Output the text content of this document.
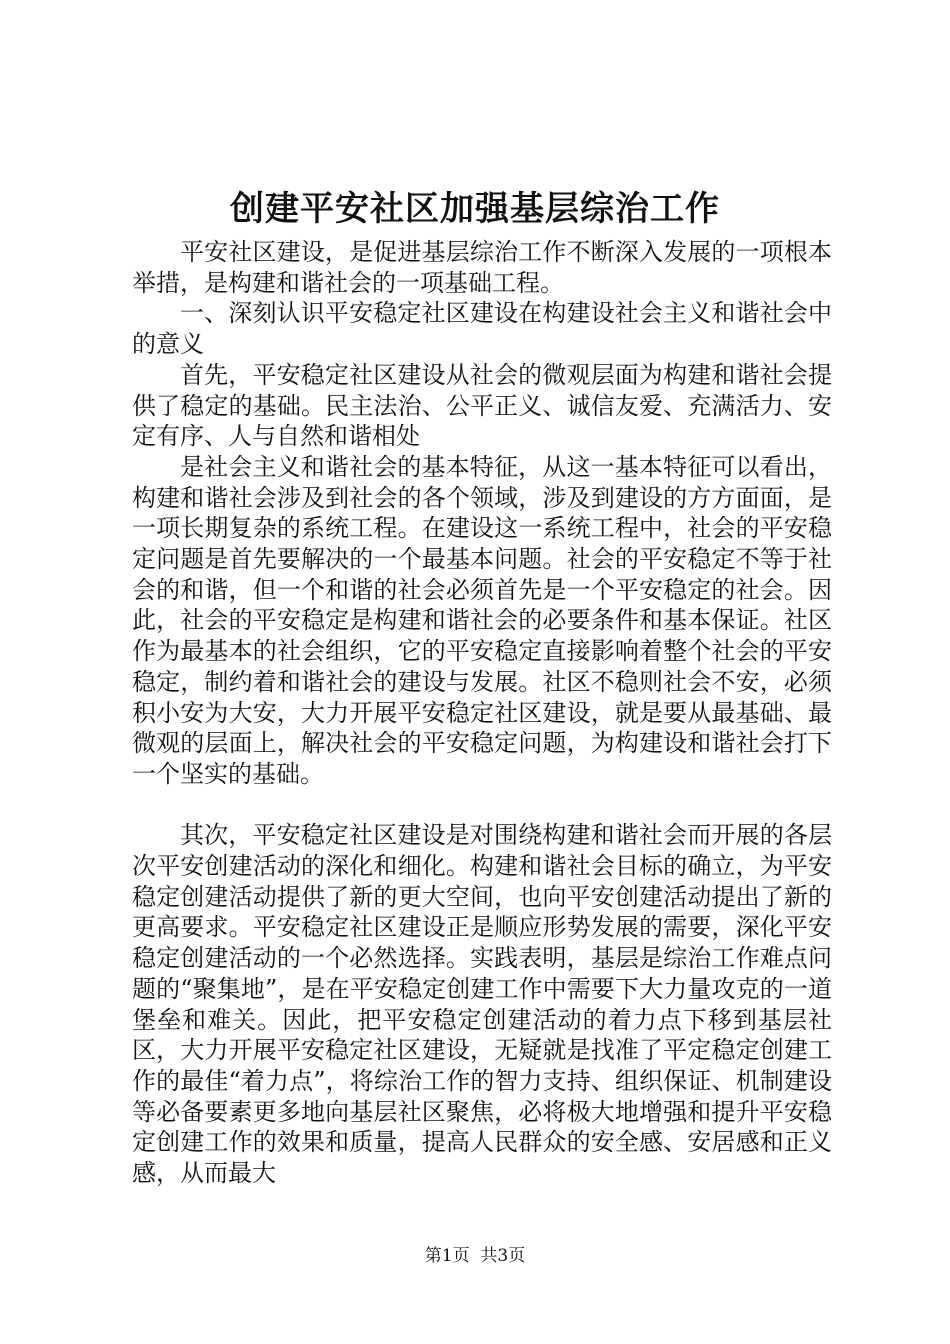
创建平安社区加强基层综治工作

平安社区建设，是促进基层综治工作不断深入发展的一项根本举措，是构建和谐社会的一项基础工程。

一、深刻认识平安稳定社区建设在构建设社会主义和谐社会中的意义

首先，平安稳定社区建设从社会的微观层面为构建和谐社会提供了稳定的基础。民主法治、公平正义、诚信友爱、充满活力、安定有序、人与自然和谐相处

是社会主义和谐社会的基本特征，从这一基本特征可以看出，构建和谐社会涉及到社会的各个领域，涉及到建设的方方面面，是一项长期复杂的系统工程。在建设这一系统工程中，社会的平安稳定问题是首先要解决的一个最基本问题。社会的平安稳定不等于社会的和谐，但一个和谐的社会必须首先是一个平安稳定的社会。因此，社会的平安稳定是构建和谐社会的必要条件和基本保证。社区作为最基本的社会组织，它的平安稳定直接影响着整个社会的平安稳定，制约着和谐社会的建设与发展。社区不稳则社会不安，必须积小安为大安，大力开展平安稳定社区建设，就是要从最基础、最微观的层面上，解决社会的平安稳定问题，为构建设和谐社会打下一个坚实的基础。

其次，平安稳定社区建设是对围绕构建和谐社会而开展的各层次平安创建活动的深化和细化。构建和谐社会目标的确立，为平安稳定创建活动提供了新的更大空间，也向平安创建活动提出了新的更高要求。平安稳定社区建设正是顺应形势发展的需要，深化平安稳定创建活动的一个必然选择。实践表明，基层是综治工作难点问题的“聚集地”，是在平安稳定创建工作中需要下大力量攻克的一道堡垒和难关。因此，把平安稳定创建活动的着力点下移到基层社区，大力开展平安稳定社区建设，无疑就是找准了平定稳定创建工作的最佳“着力点”，将综治工作的智力支持、组织保证、机制建设等必备要素更多地向基层社区聚焦，必将极大地增强和提升平安稳定创建工作的效果和质量，提高人民群众的安全感、安居感和正义感，从而最大

第1页 共3页
